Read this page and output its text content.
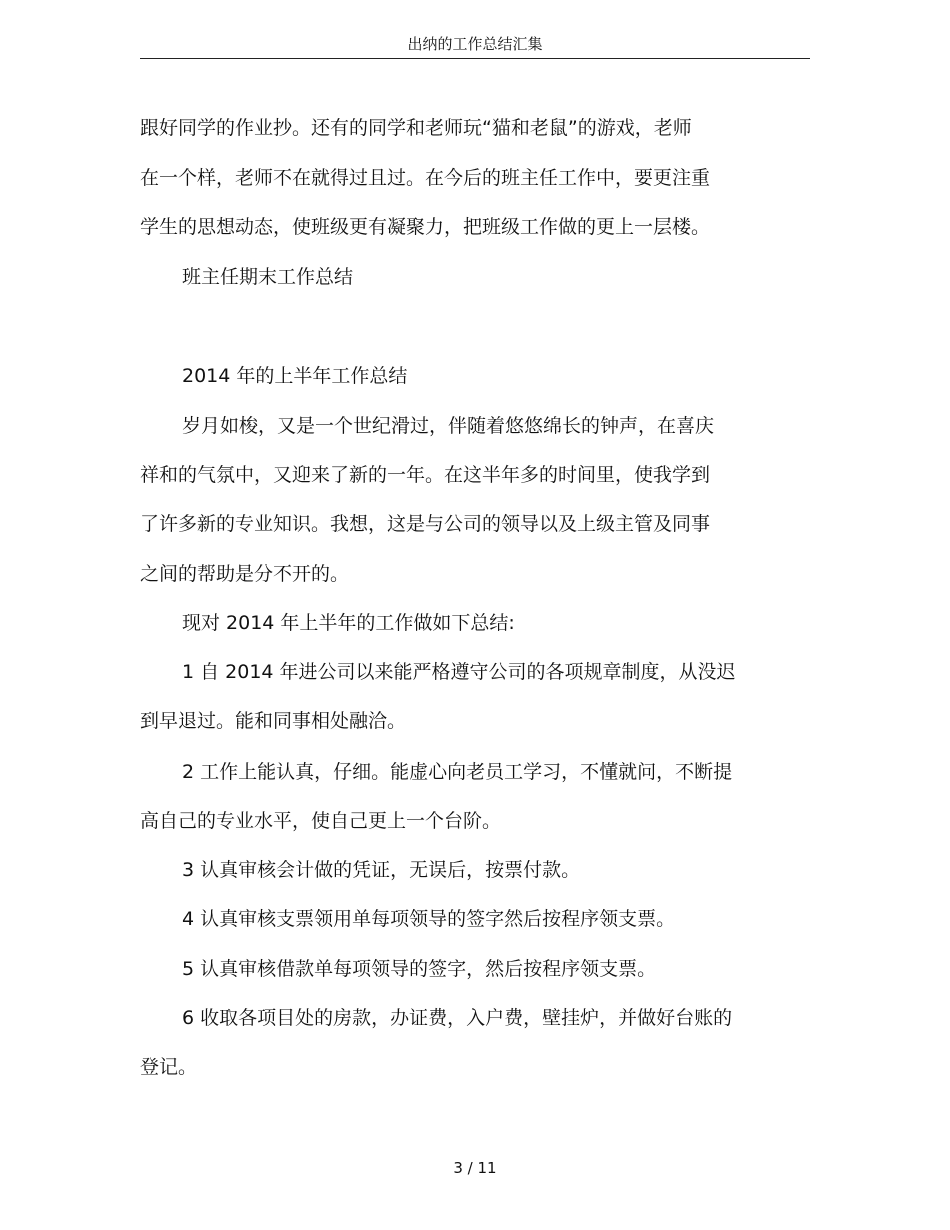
出纳的工作总结汇集
跟好同学的作业抄。还有的同学和老师玩“猫和老鼠”的游戏，老师
在一个样，老师不在就得过且过。在今后的班主任工作中，要更注重
学生的思想动态，使班级更有凝聚力，把班级工作做的更上一层楼。
班主任期末工作总结
2014 年的上半年工作总结
岁月如梭，又是一个世纪滑过，伴随着悠悠绵长的钟声，在喜庆
祥和的气氛中，又迎来了新的一年。在这半年多的时间里，使我学到
了许多新的专业知识。我想，这是与公司的领导以及上级主管及同事
之间的帮助是分不开的。
现对 2014 年上半年的工作做如下总结:
1 自 2014 年进公司以来能严格遵守公司的各项规章制度，从没迟
到早退过。能和同事相处融洽。
2 工作上能认真，仔细。能虚心向老员工学习，不懂就问，不断提
高自己的专业水平，使自己更上一个台阶。
3 认真审核会计做的凭证，无误后，按票付款。
4 认真审核支票领用单每项领导的签字然后按程序领支票。
5 认真审核借款单每项领导的签字，然后按程序领支票。
6 收取各项目处的房款，办证费，入户费，壁挂炉，并做好台账的
登记。
3 / 11
